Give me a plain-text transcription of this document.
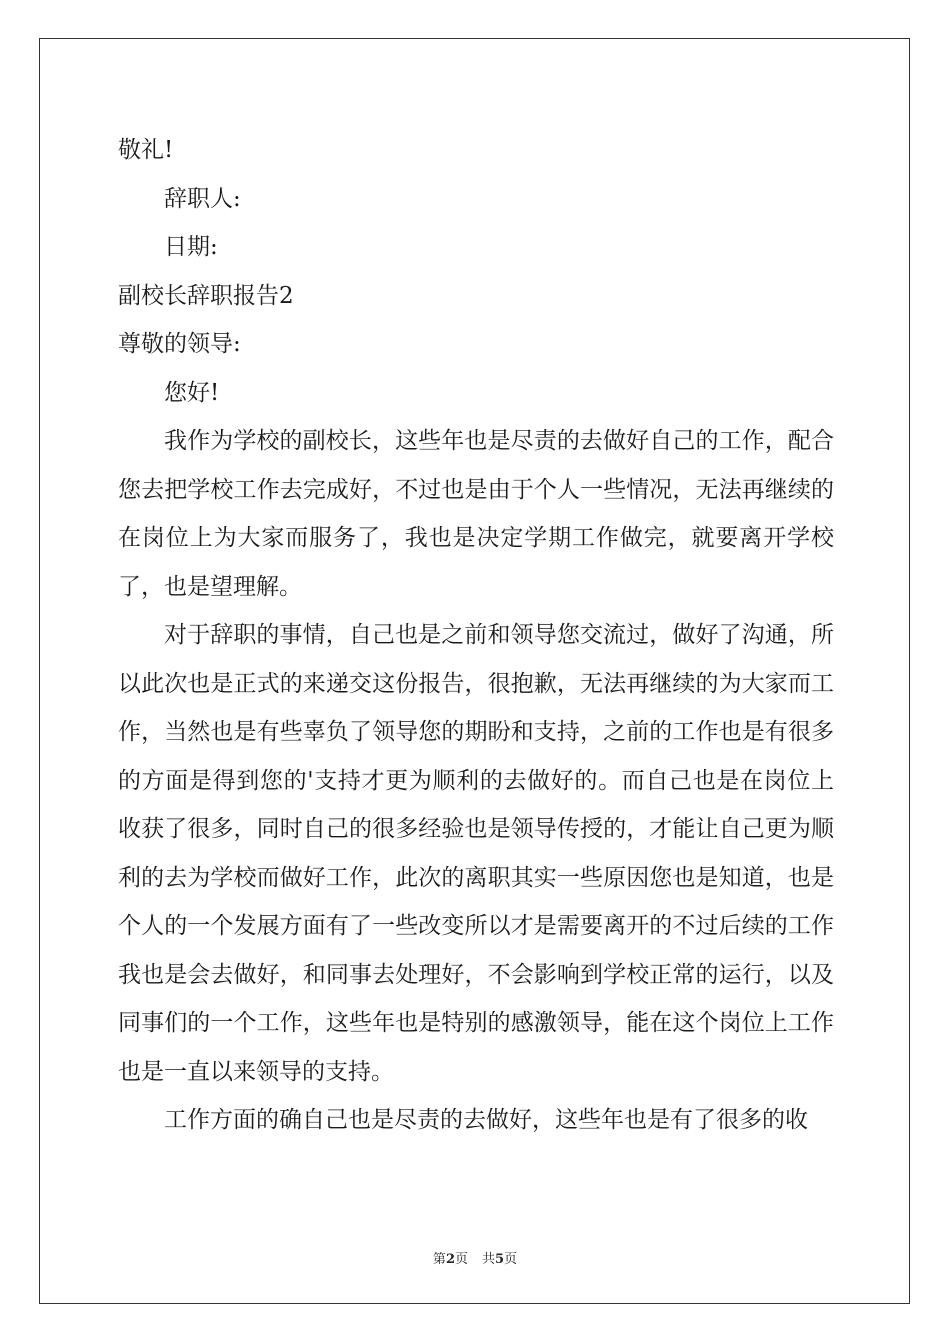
敬礼!
辞职人:
日期:
副校长辞职报告2
尊敬的领导:
您好!

我作为学校的副校长，这些年也是尽责的去做好自己的工作，配合您去把学校工作去完成好，不过也是由于个人一些情况，无法再继续的在岗位上为大家而服务了，我也是决定学期工作做完，就要离开学校了，也是望理解。

对于辞职的事情，自己也是之前和领导您交流过，做好了沟通，所以此次也是正式的来递交这份报告，很抱歉，无法再继续的为大家而工作，当然也是有些辜负了领导您的期盼和支持，之前的工作也是有很多的方面是得到您的'支持才更为顺利的去做好的。而自己也是在岗位上收获了很多，同时自己的很多经验也是领导传授的，才能让自己更为顺利的去为学校而做好工作，此次的离职其实一些原因您也是知道，也是个人的一个发展方面有了一些改变所以才是需要离开的不过后续的工作我也是会去做好，和同事去处理好，不会影响到学校正常的运行，以及同事们的一个工作，这些年也是特别的感激领导，能在这个岗位上工作也是一直以来领导的支持。

工作方面的确自己也是尽责的去做好，这些年也是有了很多的收

第2页 共5页
